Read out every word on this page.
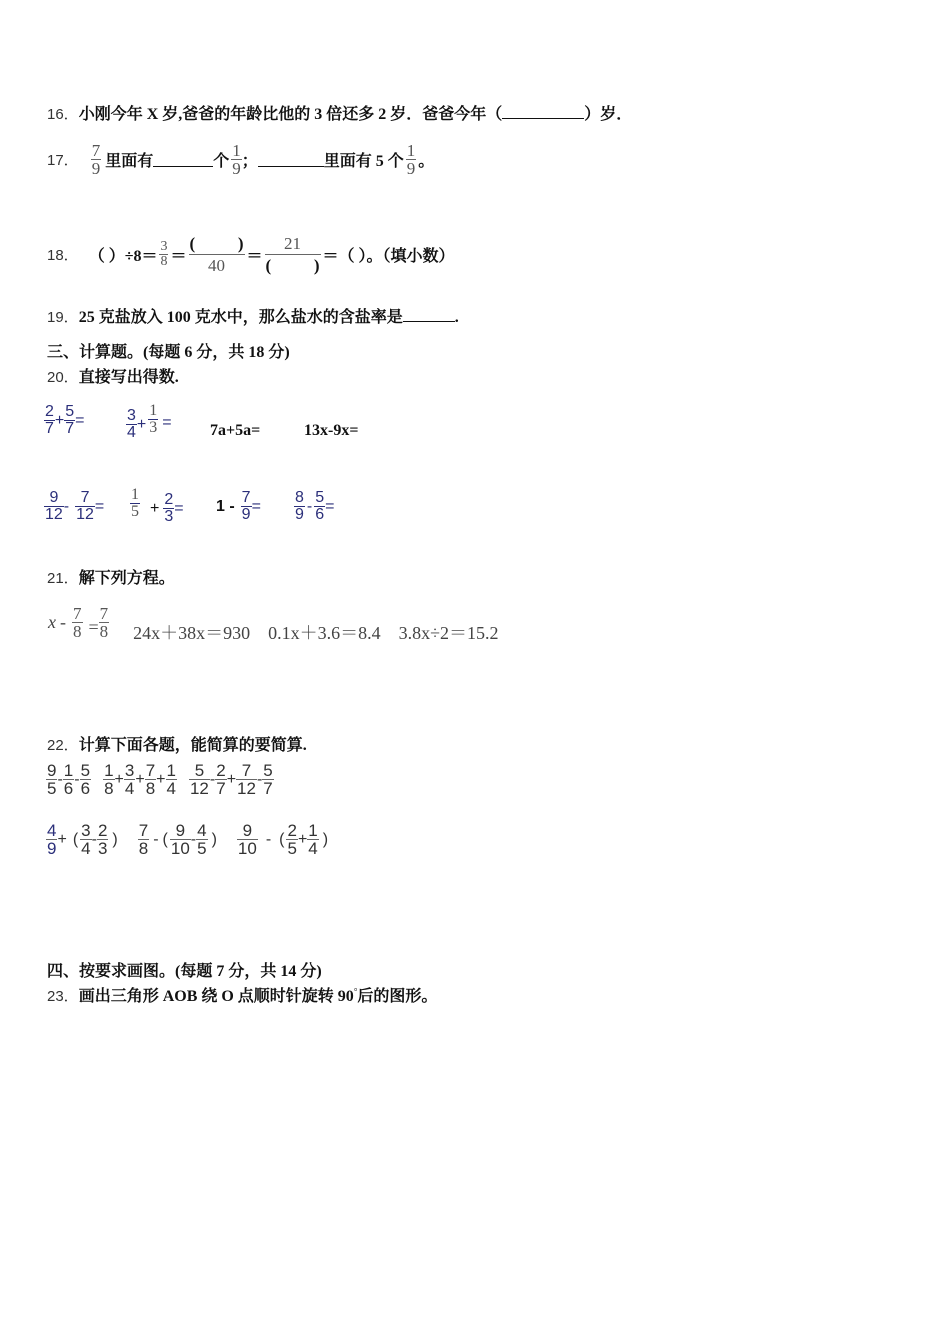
16．小刚今年 X 岁,爸爸的年龄比他的 3 倍还多 2 岁．爸爸今年（	）岁．
17． $\frac{7}{9}$ 里面有	个 $\frac{1}{9}$ ；	里面有 5 个 $\frac{1}{9}$ 。
18． （ ）$\div 8= \frac{3}{8}$ ＝ (	)
40 ＝ 21
(	) ＝（ ）。（填小数）
19．25 克盐放入 100 克水中，那么盐水的含盐率是	.
三、计算题。(每题 6 分，共 18 分)
20．直接写出得数.
$\frac{2}{7} + \frac{5}{7}$ =	$\frac{3}{4} + \frac{1}{3} = 7a+5a=$	13x-9x=
$\frac{9}{12} - \frac{7}{12} = \frac{1}{5} + \frac{2}{3} = 1 - \frac{7}{9} = \frac{8}{9} - \frac{5}{6}$ =
21．解下列方程。
$x - \frac{7}{8} = \frac{7}{8} 24x+38x=930$ 0.1x＋3.6＝8.4 3.8x÷2＝15.2
22．计算下面各题，能简算的要简算.
$\frac{9}{5} - \frac{1}{6} - \frac{5}{6} \frac{1}{8} + \frac{3}{4} + \frac{7}{8} + \frac{1}{4} \frac{5}{12} - \frac{2}{7} + \frac{7}{12} - \frac{5}{7}$
$\frac{4}{9}$ + ( $\frac{3}{4} - \frac{2}{3}$ ) $\frac{7}{8}$ - ( $\frac{9}{10} - \frac{4}{5}$ ) $\frac{9}{10}$ - ( $\frac{2}{5} + \frac{1}{4}$ )
四、按要求画图。(每题 7 分，共 14 分)
23．画出三角形 AOB 绕 O 点顺时针旋转 90°后的图形。
